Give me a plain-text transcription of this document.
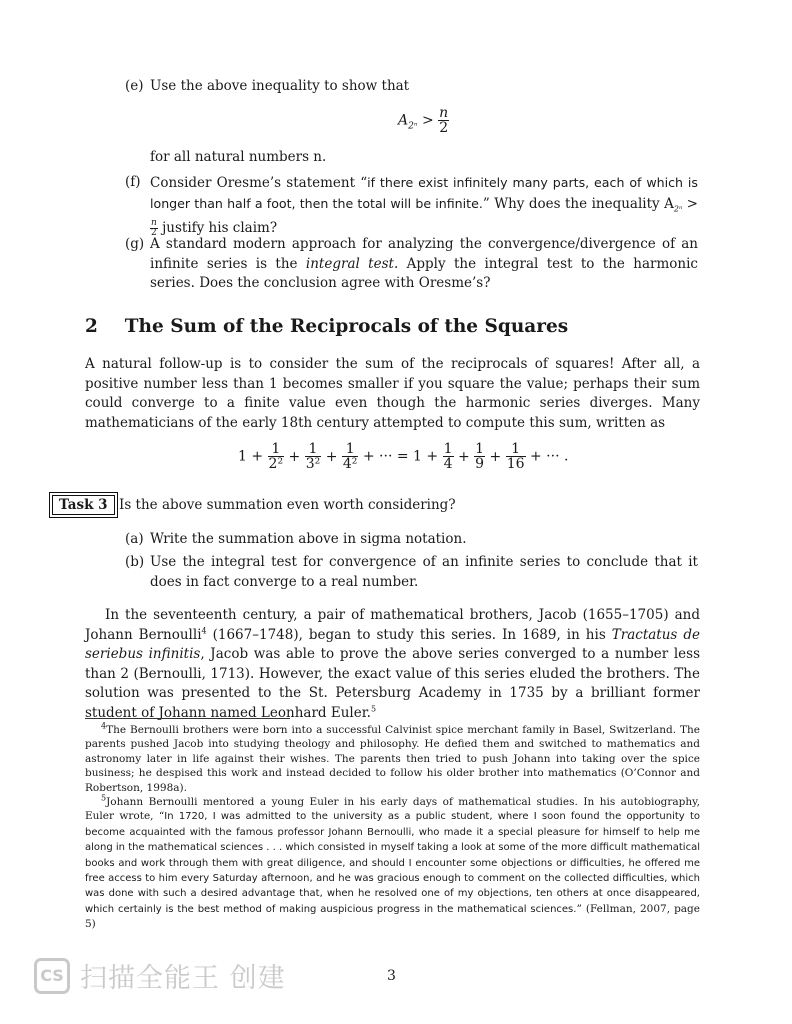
(e) Use the above inequality to show that
$A_{2^n} > \frac{n}{2}$
for all natural numbers n.
(f) Consider Oresme’s statement “if there exist infinitely many parts, each of which is longer than half a foot, then the total will be infinite.” Why does the inequality $A_{2^n}$ >
$\frac{n}{2}$ justify his claim?
(g) A standard modern approach for analyzing the convergence/divergence of an infinite series is the integral test. Apply the integral test to the harmonic series. Does the conclusion agree with Oresme’s?
2 The Sum of the Reciprocals of the Squares
A natural follow-up is to consider the sum of the reciprocals of squares! After all, a positive number less than 1 becomes smaller if you square the value; perhaps their sum could converge to a finite value even though the harmonic series diverges. Many mathematicians of the early 18th century attempted to compute this sum, written as
$1 + \frac{1}{\text{2²}} + \frac{1}{\text{3²}} + \frac{1}{\text{4²}}$ + ··· = $1 + \frac{1}{4} + \frac{1}{9} + \frac{1}{16}$ + ··· .
Task 3 Is the above summation even worth considering?
(a) Write the summation above in sigma notation.
(b) Use the integral test for convergence of an infinite series to conclude that it does in fact converge to a real number.
In the seventeenth century, a pair of mathematical brothers, Jacob (1655–1705) and Johann Bernoulli$^4$ (1667–1748), began to study this series. In 1689, in his Tractatus de seriebus infinitis, Jacob was able to prove the above series converged to a number less than 2 (Bernoulli, 1713). However, the exact value of this series eluded the brothers. The solution was presented to the St. Petersburg Academy in 1735 by a brilliant former student of Johann named Leonhard Euler.$^5$
$^4$The Bernoulli brothers were born into a successful Calvinist spice merchant family in Basel, Switzerland. The parents pushed Jacob into studying theology and philosophy. He defied them and switched to mathematics and astronomy later in life against their wishes. The parents then tried to push Johann into taking over the spice business; he despised this work and instead decided to follow his older brother into mathematics (O’Connor and Robertson, 1998a).
$^5$Johann Bernoulli mentored a young Euler in his early days of mathematical studies. In his autobiography, Euler wrote, “In 1720, I was admitted to the university as a public student, where I soon found the opportunity to become acquainted with the famous professor Johann Bernoulli, who made it a special pleasure for himself to help me along in the mathematical sciences . . . which consisted in myself taking a look at some of the more difficult mathematical books and work through them with great diligence, and should I encounter some objections or difficulties, he offered me free access to him every Saturday afternoon, and he was gracious enough to comment on the collected difficulties, which was done with such a desired advantage that, when he resolved one of my objections, ten others at once disappeared, which certainly is the best method of making auspicious progress in the mathematical sciences.” (Fellman, 2007, page 5)
CS 扫描全能王 创建	3
